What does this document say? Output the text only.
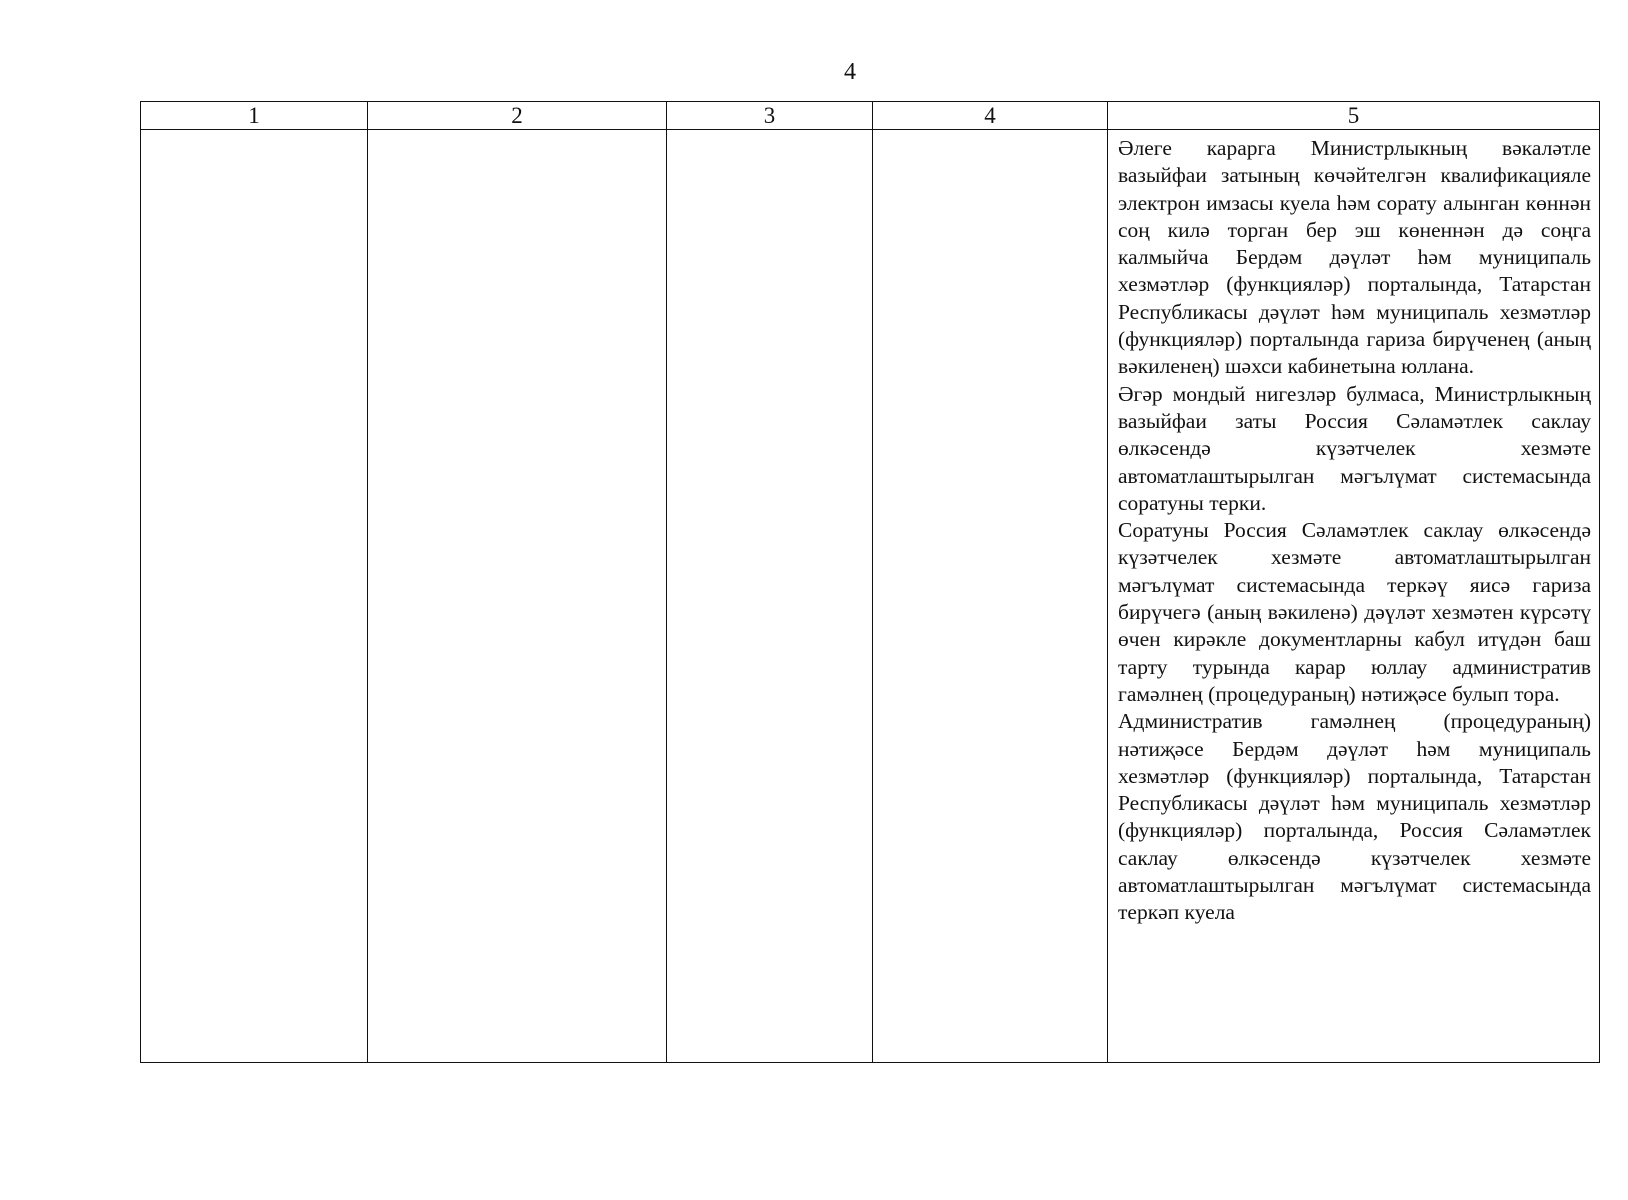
4
1	2	3	4	5

				Әлеге карарга Министрлыкның вәкаләтле вазыйфаи затының көчәйтелгән квалификацияле электрон имзасы куела һәм сорату алынган көннән соң килә торган бер эш көненнән дә соңга калмыйча Бердәм дәүләт һәм муниципаль хезмәтләр (функцияләр) порталында, Татарстан Республикасы дәүләт һәм муниципаль хезмәтләр (функцияләр) порталында гариза бирүченең (аның вәкиленең) шәхси кабинетына юллана.

Әгәр мондый нигезләр булмаса, Министрлыкның вазыйфаи заты Россия Сәламәтлек саклау өлкәсендә күзәтчелек хезмәте автоматлаштырылган мәгълүмат системасында соратуны терки.

Соратуны Россия Сәламәтлек саклау өлкәсендә күзәтчелек хезмәте автоматлаштырылган мәгълүмат системасында теркәү яисә гариза бирүчегә (аның вәкиленә) дәүләт хезмәтен күрсәтү өчен кирәкле документларны кабул итүдән баш тарту турында карар юллау административ гамәлнең (процедураның) нәтиҗәсе булып тора.

Административ гамәлнең (процедураның) нәтиҗәсе Бердәм дәүләт һәм муниципаль хезмәтләр (функцияләр) порталында, Татарстан Республикасы дәүләт һәм муниципаль хезмәтләр (функцияләр) порталында, Россия Сәламәтлек саклау өлкәсендә күзәтчелек хезмәте автоматлаштырылган мәгълүмат системасында теркәп куела
